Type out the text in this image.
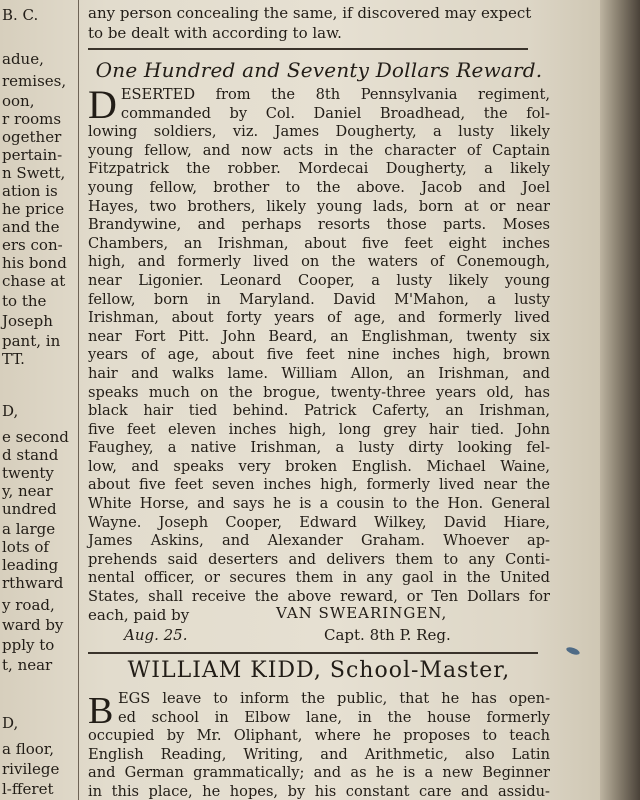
B. C.
adue,
remises,
oon,
r rooms
ogether
pertain-
n Swett,
ation is
he price
and the
ers con-
his bond
chase at
to the
Joseph
pant, in
TT.
D,
e second
d stand
twenty
y, near
undred
a large
lots of
leading
rthward
y road,
ward by
pply to
t, near
D,
a floor,
rivilege
l-fferet
any person concealing the same, if discovered may expect
to be dealt with according to law.
One Hundred and Seventy Dollars Reward.
D ESERTED from the 8th Pennsylvania regiment,
commanded by Col. Daniel Broadhead, the fol-
lowing soldiers, viz. James Dougherty, a lusty likely
young fellow, and now acts in the character of Captain
Fitzpatrick the robber. Mordecai Dougherty, a likely
young fellow, brother to the above. Jacob and Joel
Hayes, two brothers, likely young lads, born at or near
Brandywine, and perhaps resorts those parts. Moses
Chambers, an Irishman, about five feet eight inches
high, and formerly lived on the waters of Conemough,
near Ligonier. Leonard Cooper, a lusty likely young
fellow, born in Maryland. David M'Mahon, a lusty
Irishman, about forty years of age, and formerly lived
near Fort Pitt. John Beard, an Englishman, twenty six
years of age, about five feet nine inches high, brown
hair and walks lame. William Allon, an Irishman, and
speaks much on the brogue, twenty-three years old, has
black hair tied behind. Patrick Caferty, an Irishman,
five feet eleven inches high, long grey hair tied. John
Faughey, a native Irishman, a lusty dirty looking fel-
low, and speaks very broken English. Michael Waine,
about five feet seven inches high, formerly lived near the
White Horse, and says he is a cousin to the Hon. General
Wayne. Joseph Cooper, Edward Wilkey, David Hiare,
James Askins, and Alexander Graham. Whoever ap-
prehends said deserters and delivers them to any Conti-
nental officer, or secures them in any gaol in the United
States, shall receive the above reward, or Ten Dollars for
each, paid by	VAN SWEARINGEN,
Aug. 25.	Capt. 8th P. Reg.
WILLIAM KIDD, School-Master,
B EGS leave to inform the public, that he has open-
ed school in Elbow lane, in the house formerly
occupied by Mr. Oliphant, where he proposes to teach
English Reading, Writing, and Arithmetic, also Latin
and German grammatically; and as he is a new Beginner
in this place, he hopes, by his constant care and assidu-
